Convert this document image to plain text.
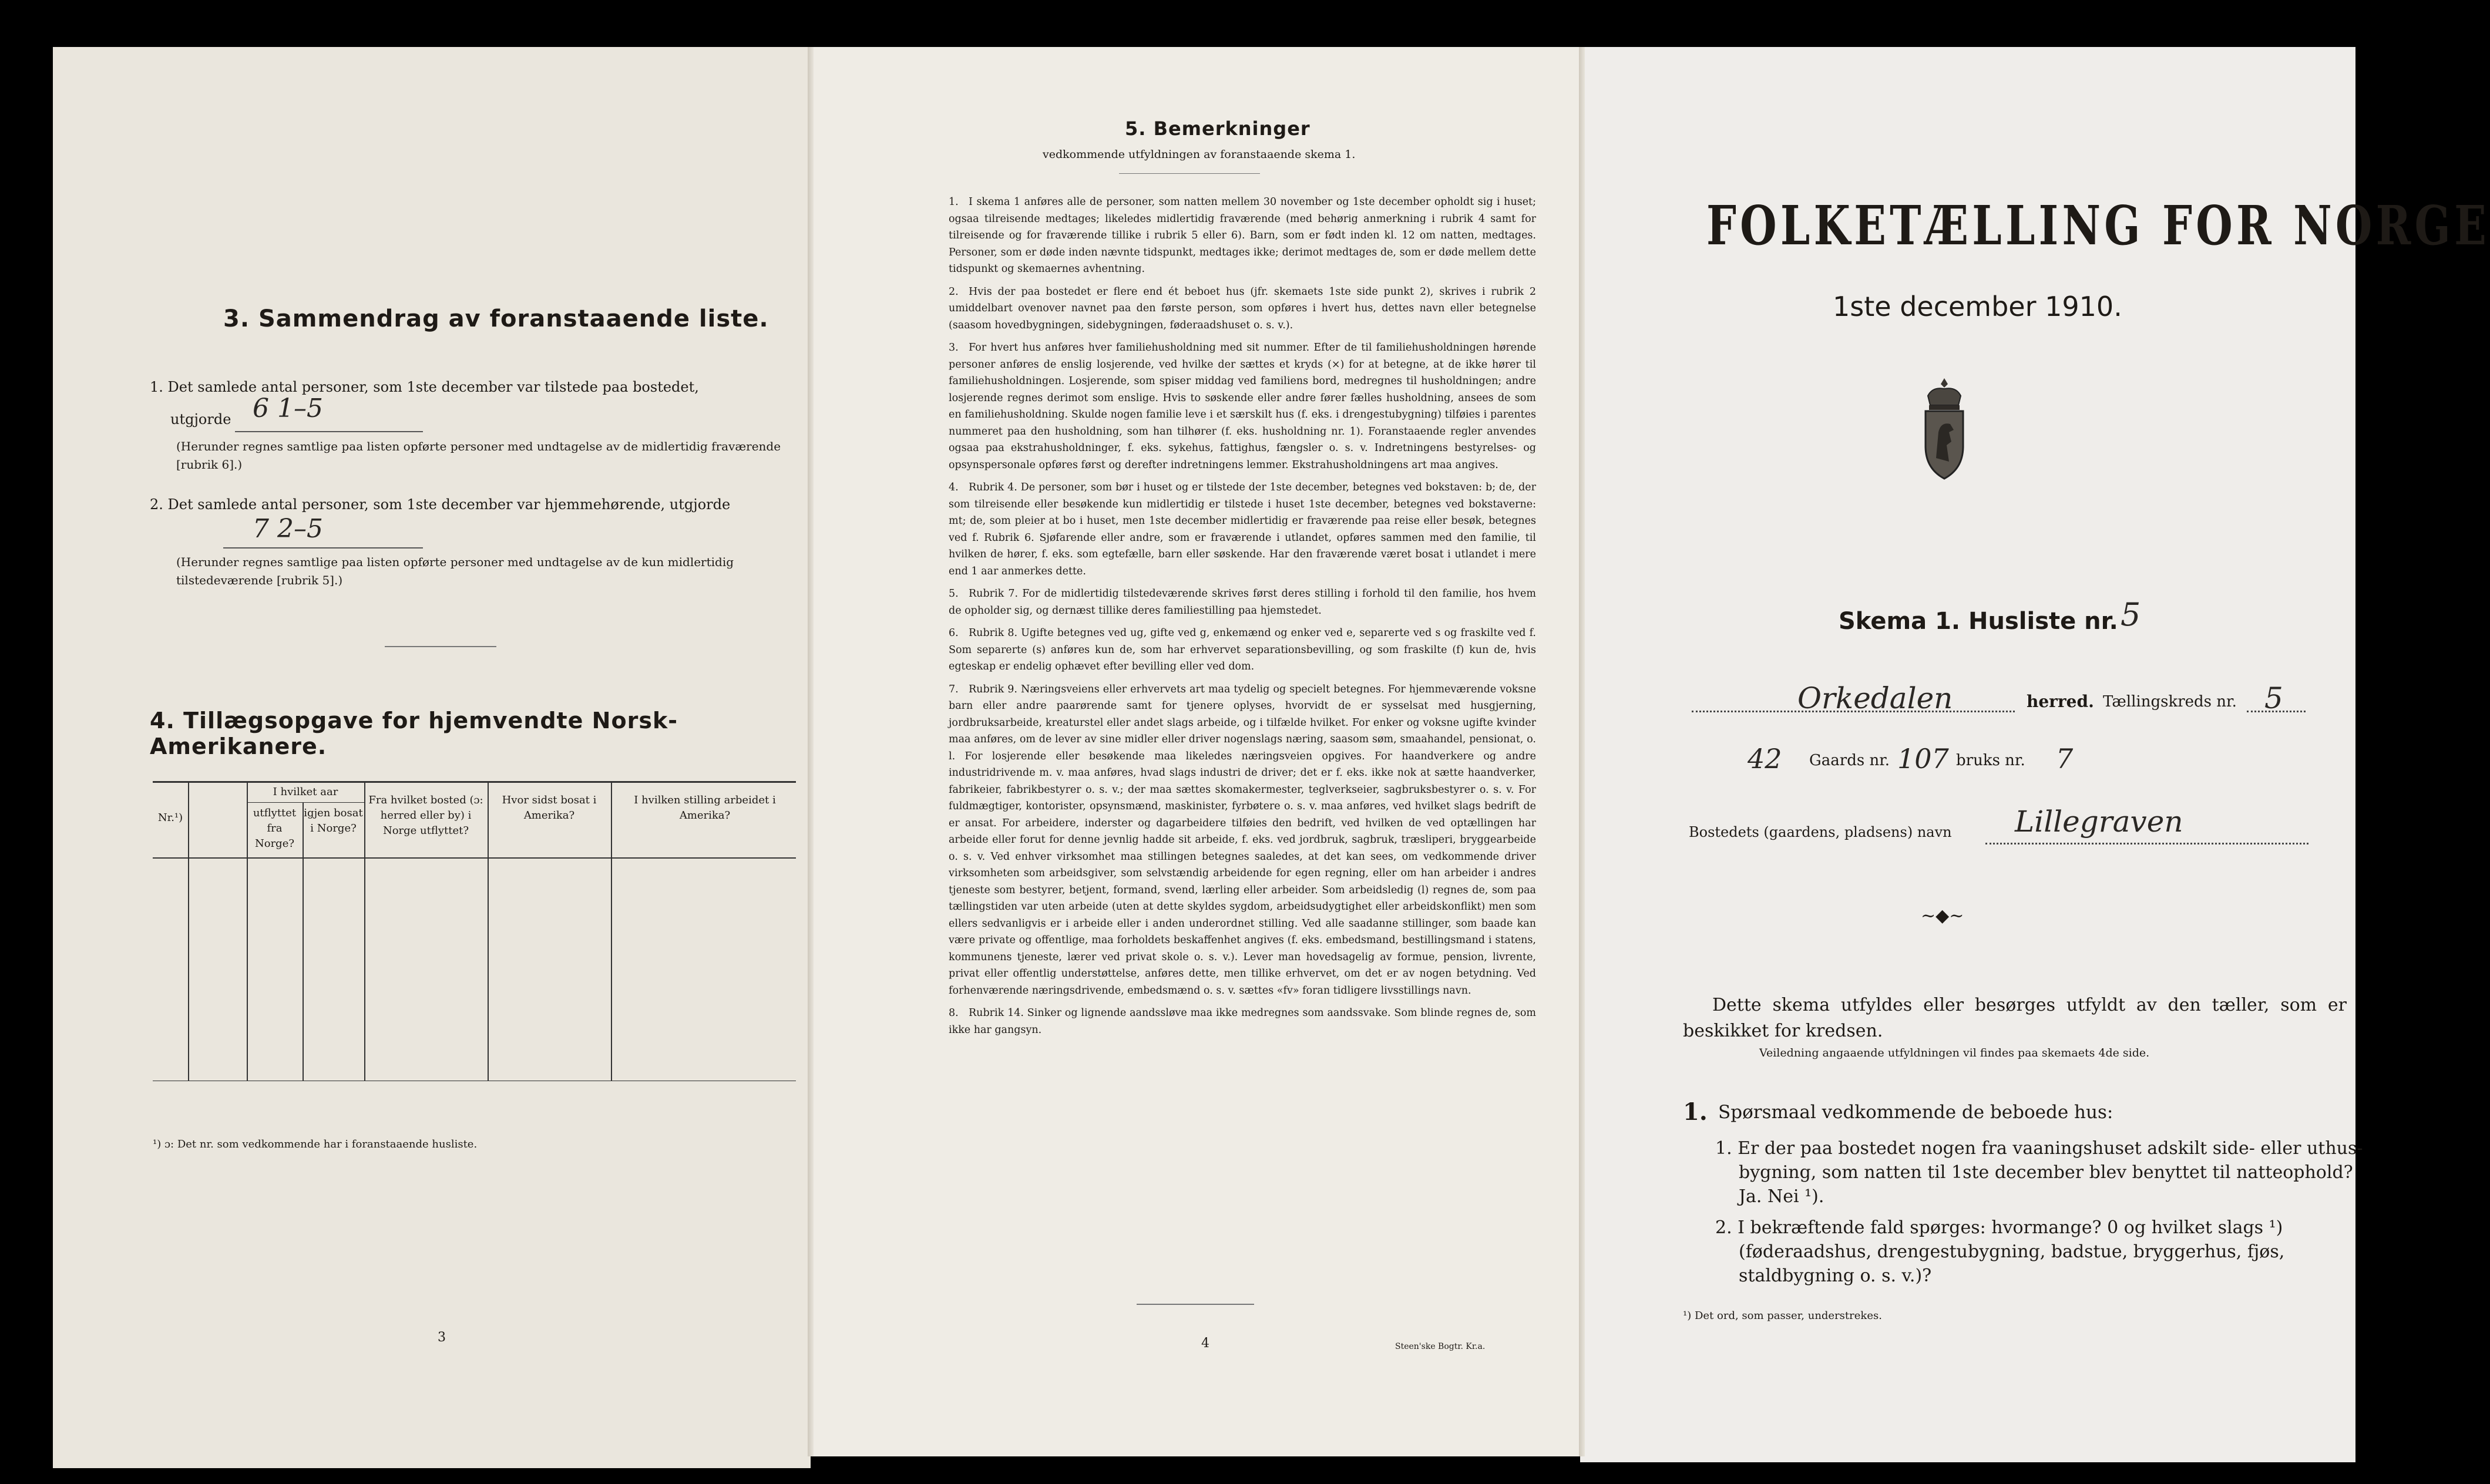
3. Sammendrag av foranstaaende liste.
1. Det samlede antal personer, som 1ste december var tilstede paa bostedet,
utgjorde 6 1–5
(Herunder regnes samtlige paa listen opførte personer med undtagelse av de midlertidig fraværende [rubrik 6].)
2. Det samlede antal personer, som 1ste december var hjemmehørende, utgjorde
7 2–5
(Herunder regnes samtlige paa listen opførte personer med undtagelse av de kun midlertidig tilstedeværende [rubrik 5].)
4. Tillægsopgave for hjemvendte Norsk-Amerikanere.
Nr.¹)
I hvilket aar
utflyttet fra Norge?
igjen bosat i Norge?
Fra hvilket bosted (ɔ: herred eller by) i Norge utflyttet?
Hvor sidst bosat i Amerika?
I hvilken stilling arbeidet i Amerika?
¹) ɔ: Det nr. som vedkommende har i foranstaaende husliste.
3
5. Bemerkninger
vedkommende utfyldningen av foranstaaende skema 1.

1. I skema 1 anføres alle de personer, som natten mellem 30 november og 1ste december opholdt sig i huset; ogsaa tilreisende medtages; likeledes midlertidig fraværende (med behørig anmerkning i rubrik 4 samt for tilreisende og for fraværende tillike i rubrik 5 eller 6). Barn, som er født inden kl. 12 om natten, medtages. Personer, som er døde inden nævnte tidspunkt, medtages ikke; derimot medtages de, som er døde mellem dette tidspunkt og skemaernes avhentning.

2. Hvis der paa bostedet er flere end ét beboet hus (jfr. skemaets 1ste side punkt 2), skrives i rubrik 2 umiddelbart ovenover navnet paa den første person, som opføres i hvert hus, dettes navn eller betegnelse (saasom hovedbygningen, sidebygningen, føderaadshuset o. s. v.).

3. For hvert hus anføres hver familiehusholdning med sit nummer. Efter de til familiehusholdningen hørende personer anføres de enslig losjerende, ved hvilke der sættes et kryds (×) for at betegne, at de ikke hører til familiehusholdningen. Losjerende, som spiser middag ved familiens bord, medregnes til husholdningen; andre losjerende regnes derimot som enslige. Hvis to søskende eller andre fører fælles husholdning, ansees de som en familiehusholdning. Skulde nogen familie leve i et særskilt hus (f. eks. i drengestubygning) tilføies i parentes nummeret paa den husholdning, som han tilhører (f. eks. husholdning nr. 1). Foranstaaende regler anvendes ogsaa paa ekstrahusholdninger, f. eks. sykehus, fattighus, fængsler o. s. v. Indretningens bestyrelses- og opsynspersonale opføres først og derefter indretningens lemmer. Ekstrahusholdningens art maa angives.

4. Rubrik 4. De personer, som bør i huset og er tilstede der 1ste december, betegnes ved bokstaven: b; de, der som tilreisende eller besøkende kun midlertidig er tilstede i huset 1ste december, betegnes ved bokstaverne: mt; de, som pleier at bo i huset, men 1ste december midlertidig er fraværende paa reise eller besøk, betegnes ved f. Rubrik 6. Sjøfarende eller andre, som er fraværende i utlandet, opføres sammen med den familie, til hvilken de hører, f. eks. som egtefælle, barn eller søskende. Har den fraværende været bosat i utlandet i mere end 1 aar anmerkes dette.

5. Rubrik 7. For de midlertidig tilstedeværende skrives først deres stilling i forhold til den familie, hos hvem de opholder sig, og dernæst tillike deres familiestilling paa hjemstedet.

6. Rubrik 8. Ugifte betegnes ved ug, gifte ved g, enkemænd og enker ved e, separerte ved s og fraskilte ved f. Som separerte (s) anføres kun de, som har erhvervet separationsbevilling, og som fraskilte (f) kun de, hvis egteskap er endelig ophævet efter bevilling eller ved dom.

7. Rubrik 9. Næringsveiens eller erhvervets art maa tydelig og specielt betegnes. For hjemmeværende voksne barn eller andre paarørende samt for tjenere oplyses, hvorvidt de er sysselsat med husgjerning, jordbruksarbeide, kreaturstel eller andet slags arbeide, og i tilfælde hvilket. For enker og voksne ugifte kvinder maa anføres, om de lever av sine midler eller driver nogenslags næring, saasom søm, smaahandel, pensionat, o. l. For losjerende eller besøkende maa likeledes næringsveien opgives. For haandverkere og andre industridrivende m. v. maa anføres, hvad slags industri de driver; det er f. eks. ikke nok at sætte haandverker, fabrikeier, fabrikbestyrer o. s. v.; der maa sættes skomakermester, teglverkseier, sagbruksbestyrer o. s. v. For fuldmægtiger, kontorister, opsynsmænd, maskinister, fyrbøtere o. s. v. maa anføres, ved hvilket slags bedrift de er ansat. For arbeidere, inderster og dagarbeidere tilføies den bedrift, ved hvilken de ved optællingen har arbeide eller forut for denne jevnlig hadde sit arbeide, f. eks. ved jordbruk, sagbruk, træsliperi, bryggearbeide o. s. v. Ved enhver virksomhet maa stillingen betegnes saaledes, at det kan sees, om vedkommende driver virksomheten som arbeidsgiver, som selvstændig arbeidende for egen regning, eller om han arbeider i andres tjeneste som bestyrer, betjent, formand, svend, lærling eller arbeider. Som arbeidsledig (l) regnes de, som paa tællingstiden var uten arbeide (uten at dette skyldes sygdom, arbeidsudygtighet eller arbeidskonflikt) men som ellers sedvanligvis er i arbeide eller i anden underordnet stilling. Ved alle saadanne stillinger, som baade kan være private og offentlige, maa forholdets beskaffenhet angives (f. eks. embedsmand, bestillingsmand i statens, kommunens tjeneste, lærer ved privat skole o. s. v.). Lever man hovedsagelig av formue, pension, livrente, privat eller offentlig understøttelse, anføres dette, men tillike erhvervet, om det er av nogen betydning. Ved forhenværende næringsdrivende, embedsmænd o. s. v. sættes «fv» foran tidligere livsstillings navn.

8. Rubrik 14. Sinker og lignende aandssløve maa ikke medregnes som aandssvake. Som blinde regnes de, som ikke har gangsyn.

4	Steen'ske Bogtr. Kr.a.
FOLKETÆLLING FOR NORGE
1ste december 1910.
Skema 1. Husliste nr. 5
Orkedalen	herred. Tællingskreds nr. 5
42 Gaards nr. 107 bruks nr. 7
Bostedets (gaardens, pladsens) navn Lillegraven
~◆~
Dette skema utfyldes eller besørges utfyldt av den tæller, som er beskikket for kredsen.
Veiledning angaaende utfyldningen vil findes paa skemaets 4de side.
1. Spørsmaal vedkommende de beboede hus:
1. Er der paa bostedet nogen fra vaaningshuset adskilt side- eller uthus-bygning, som natten til 1ste december blev benyttet til natteophold? Ja. Nei ¹).
2. I bekræftende fald spørges: hvormange? 0 og hvilket slags ¹) (føderaadshus, drengestubygning, badstue, bryggerhus, fjøs, staldbygning o. s. v.)?
¹) Det ord, som passer, understrekes.
